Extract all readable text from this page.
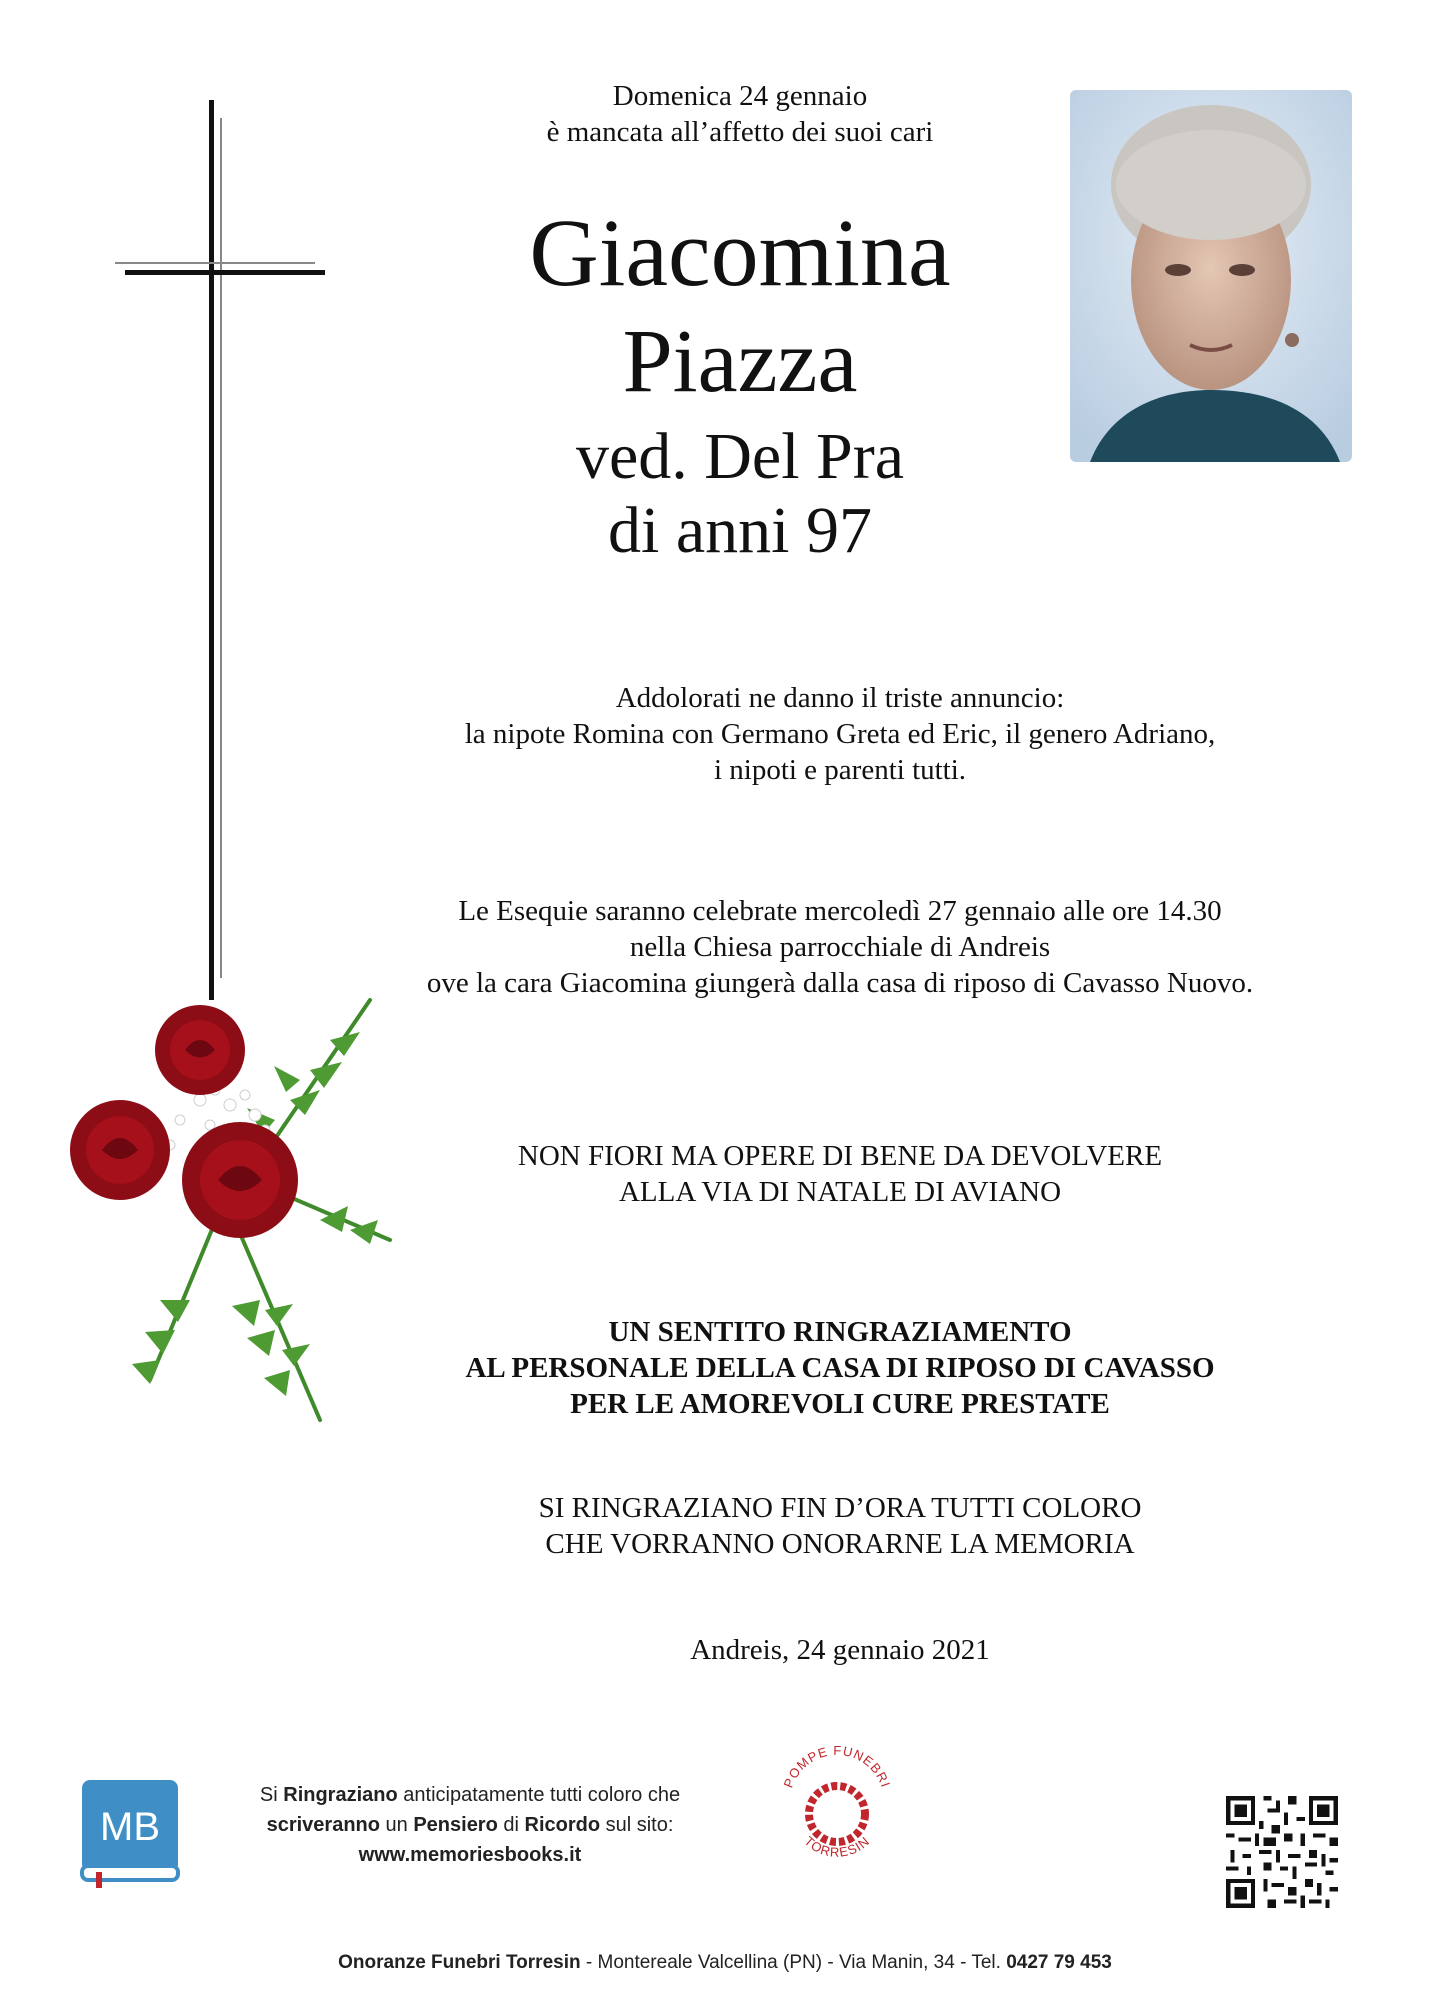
Domenica 24 gennaio
è mancata all’affetto dei suoi cari
Giacomina
Piazza
ved. Del Pra
di anni 97
Addolorati ne danno il triste annuncio:
la nipote Romina con Germano Greta ed Eric, il genero Adriano,
i nipoti e parenti tutti.
Le Esequie saranno celebrate mercoledì 27 gennaio alle ore 14.30
nella Chiesa parrocchiale di Andreis
ove la cara Giacomina giungerà dalla casa di riposo di Cavasso Nuovo.
NON FIORI MA OPERE DI BENE DA DEVOLVERE
ALLA VIA DI NATALE DI AVIANO
UN SENTITO RINGRAZIAMENTO
AL PERSONALE DELLA CASA DI RIPOSO DI CAVASSO
PER LE AMOREVOLI CURE PRESTATE
SI RINGRAZIANO FIN D’ORA TUTTI COLORO
CHE VORRANNO ONORARNE LA MEMORIA
Andreis, 24 gennaio 2021
MB
Si Ringraziano anticipatamente tutti coloro che
scriveranno un Pensiero di Ricordo sul sito:
www.memoriesbooks.it
POMPE FUNEBRI
TORRESIN
Onoranze Funebri Torresin - Montereale Valcellina (PN) - Via Manin, 34 - Tel. 0427 79 453
